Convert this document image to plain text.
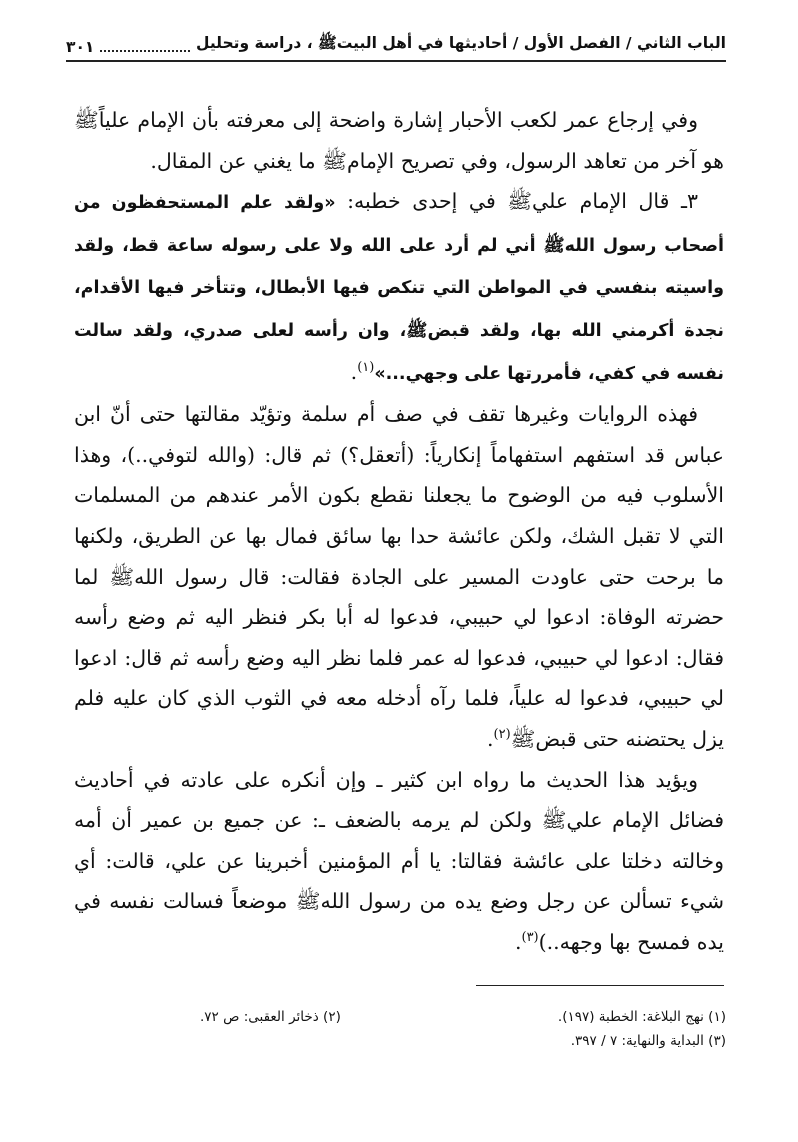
الباب الثاني / الفصل الأول / أحاديثها في أهل البيتﷺ ، دراسة وتحليل
٣٠١

وفي إرجاع عمر لكعب الأحبار إشارة واضحة إلى معرفته بأن الإمام علياًﷺ هو آخر من تعاهد الرسول، وفي تصريح الإمامﷺ ما يغني عن المقال.

٣ـ قال الإمام عليﷺ في إحدى خطبه: «ولقد علم المستحفظون من أصحاب رسول اللهﷺ أني لم أرد على الله ولا على رسوله ساعة قط، ولقد واسيته بنفسي في المواطن التي تنكص فيها الأبطال، وتتأخر فيها الأقدام، نجدة أكرمني الله بها، ولقد قبضﷺ، وان رأسه لعلى صدري، ولقد سالت نفسه في كفي، فأمررتها على وجهي...»$^{(١)}$.

فهذه الروايات وغيرها تقف في صف أم سلمة وتؤيّد مقالتها حتى أنّ ابن عباس قد استفهم استفهاماً إنكارياً: (أتعقل؟) ثم قال: (والله لتوفي..)، وهذا الأسلوب فيه من الوضوح ما يجعلنا نقطع بكون الأمر عندهم من المسلمات التي لا تقبل الشك، ولكن عائشة حدا بها سائق فمال بها عن الطريق، ولكنها ما برحت حتى عاودت المسير على الجادة فقالت: قال رسول اللهﷺ لما حضرته الوفاة: ادعوا لي حبيبي، فدعوا له أبا بكر فنظر اليه ثم وضع رأسه فقال: ادعوا لي حبيبي، فدعوا له عمر فلما نظر اليه وضع رأسه ثم قال: ادعوا لي حبيبي، فدعوا له علياً، فلما رآه أدخله معه في الثوب الذي كان عليه فلم يزل يحتضنه حتى قبضﷺ$^{(٢)}$.

ويؤيد هذا الحديث ما رواه ابن كثير ـ وإن أنكره على عادته في أحاديث فضائل الإمام عليﷺ ولكن لم يرمه بالضعف ـ: عن جميع بن عمير أن أمه وخالته دخلتا على عائشة فقالتا: يا أم المؤمنين أخبرينا عن علي، قالت: أي شيء تسألن عن رجل وضع يده من رسول اللهﷺ موضعاً فسالت نفسه في يده فمسح بها وجهه..)$^{(٣)}$.

(١) نهج البلاغة: الخطبة (١٩٧).
(٢) ذخائر العقبى: ص ٧٢.
(٣) البداية والنهاية: ٧ / ٣٩٧.
